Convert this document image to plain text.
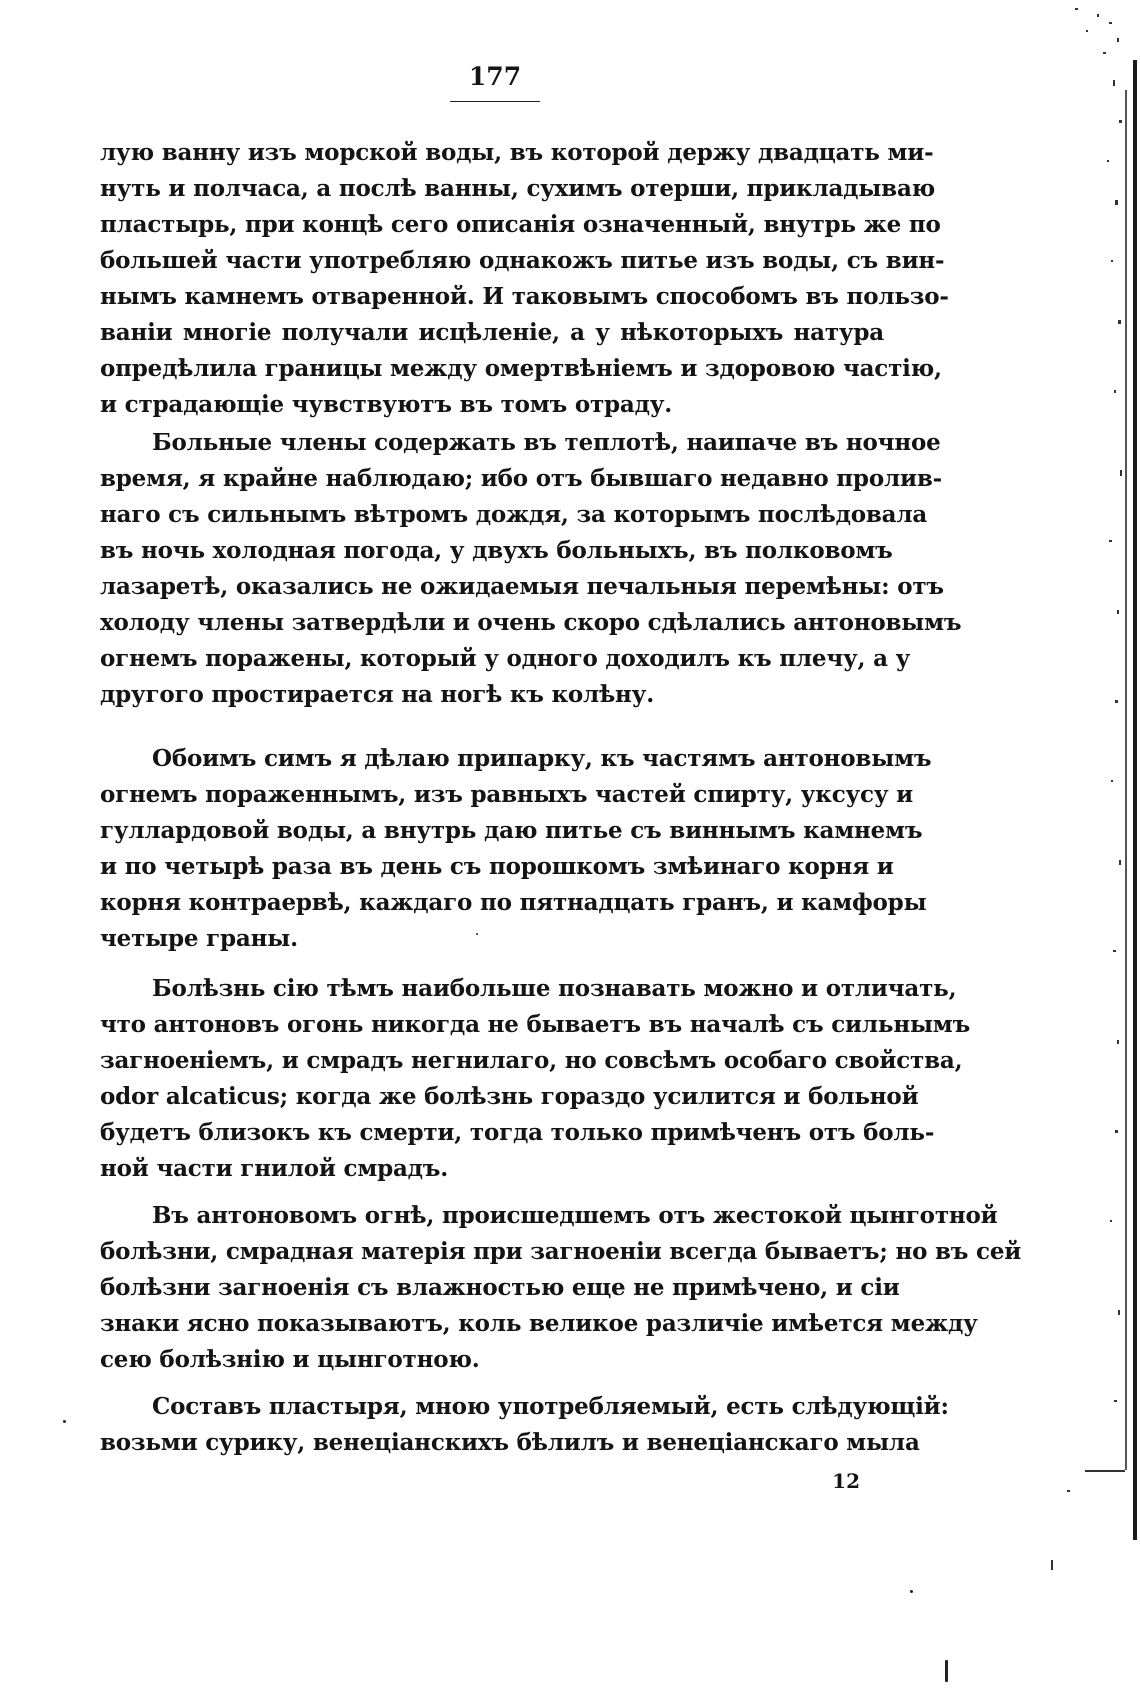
177
лую ванну изъ морской воды, въ которой держу двадцать ми-
нуть и полчаса, а послѣ ванны, сухимъ отерши, прикладываю
пластырь, при концѣ сего описанія означенный, внутрь же по
большей части употребляю однакожъ питье изъ воды, съ вин-
нымъ камнемъ отваренной. И таковымъ способомъ въ пользо-
ваніи многіе получали исцѣленіе, а у нѣкоторыхъ натура
опредѣлила границы между омертвѣніемъ и здоровою частію,
и страдающіе чувствуютъ въ томъ отраду.
Больные члены содержать въ теплотѣ, наипаче въ ночное
время, я крайне наблюдаю; ибо отъ бывшаго недавно пролив-
наго съ сильнымъ вѣтромъ дождя, за которымъ послѣдовала
въ ночь холодная погода, у двухъ больныхъ, въ полковомъ
лазаретѣ, оказались не ожидаемыя печальныя перемѣны: отъ
холоду члены затвердѣли и очень скоро сдѣлались антоновымъ
огнемъ поражены, который у одного доходилъ къ плечу, а у
другого простирается на ногѣ къ колѣну.
Обоимъ симъ я дѣлаю припарку, къ частямъ антоновымъ
огнемъ пораженнымъ, изъ равныхъ частей спирту, уксусу и
гуллардовой воды, а внутрь даю питье съ виннымъ камнемъ
и по четырѣ раза въ день съ порошкомъ змѣинаго корня и
корня контраервѣ, каждаго по пятнадцать гранъ, и камфоры
четыре граны.
Болѣзнь сію тѣмъ наибольше познавать можно и отличать,
что антоновъ огонь никогда не бываетъ въ началѣ съ сильнымъ
загноеніемъ, и смрадъ негнилаго, но совсѣмъ особаго свойства,
odor alcaticus; когда же болѣзнь гораздо усилится и больной
будетъ близокъ къ смерти, тогда только примѣченъ отъ боль-
ной части гнилой смрадъ.
Въ антоновомъ огнѣ, происшедшемъ отъ жестокой цынготной
болѣзни, смрадная матерія при загноеніи всегда бываетъ; но въ сей
болѣзни загноенія съ влажностью еще не примѣчено, и сіи
знаки ясно показываютъ, коль великое различіе имѣется между
сею болѣзнію и цынготною.
Составъ пластыря, мною употребляемый, есть слѣдующій:
возьми сурику, венеціанскихъ бѣлилъ и венеціанскаго мыла
12
